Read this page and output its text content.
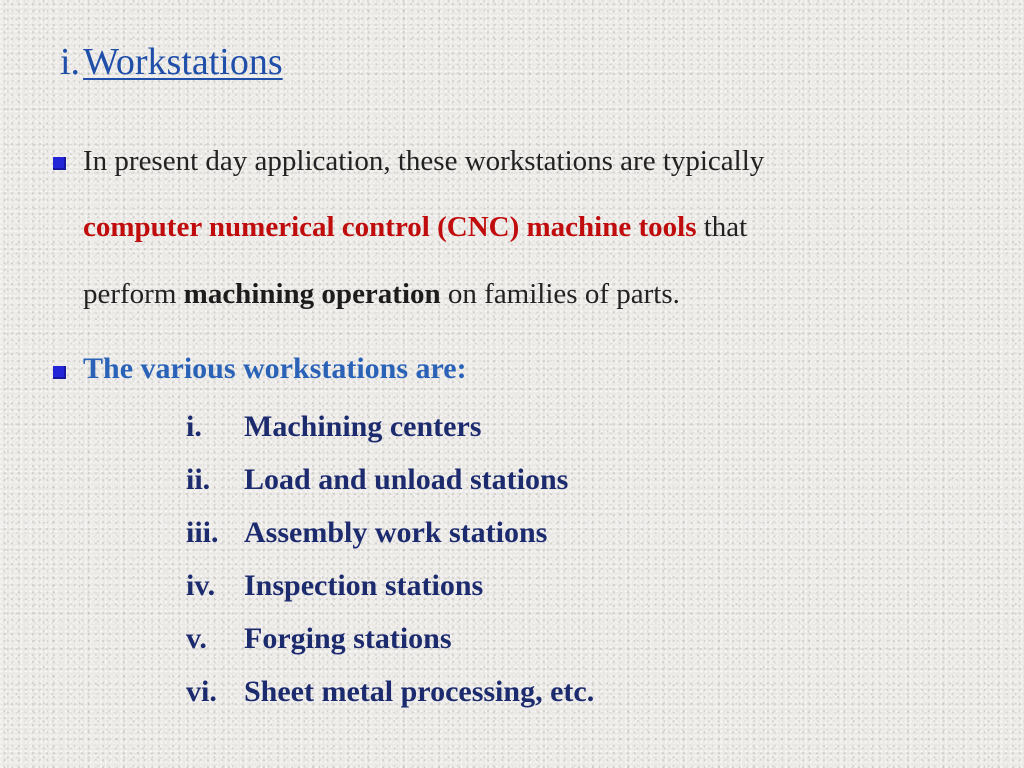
i.Workstations
In present day application, these workstations are typically
computer numerical control (CNC) machine tools that
perform machining operation on families of parts.
The various workstations are:
i.	Machining centers
ii.	Load and unload stations
iii. Assembly work stations
iv. Inspection stations
v.	Forging stations
vi. Sheet metal processing, etc.
